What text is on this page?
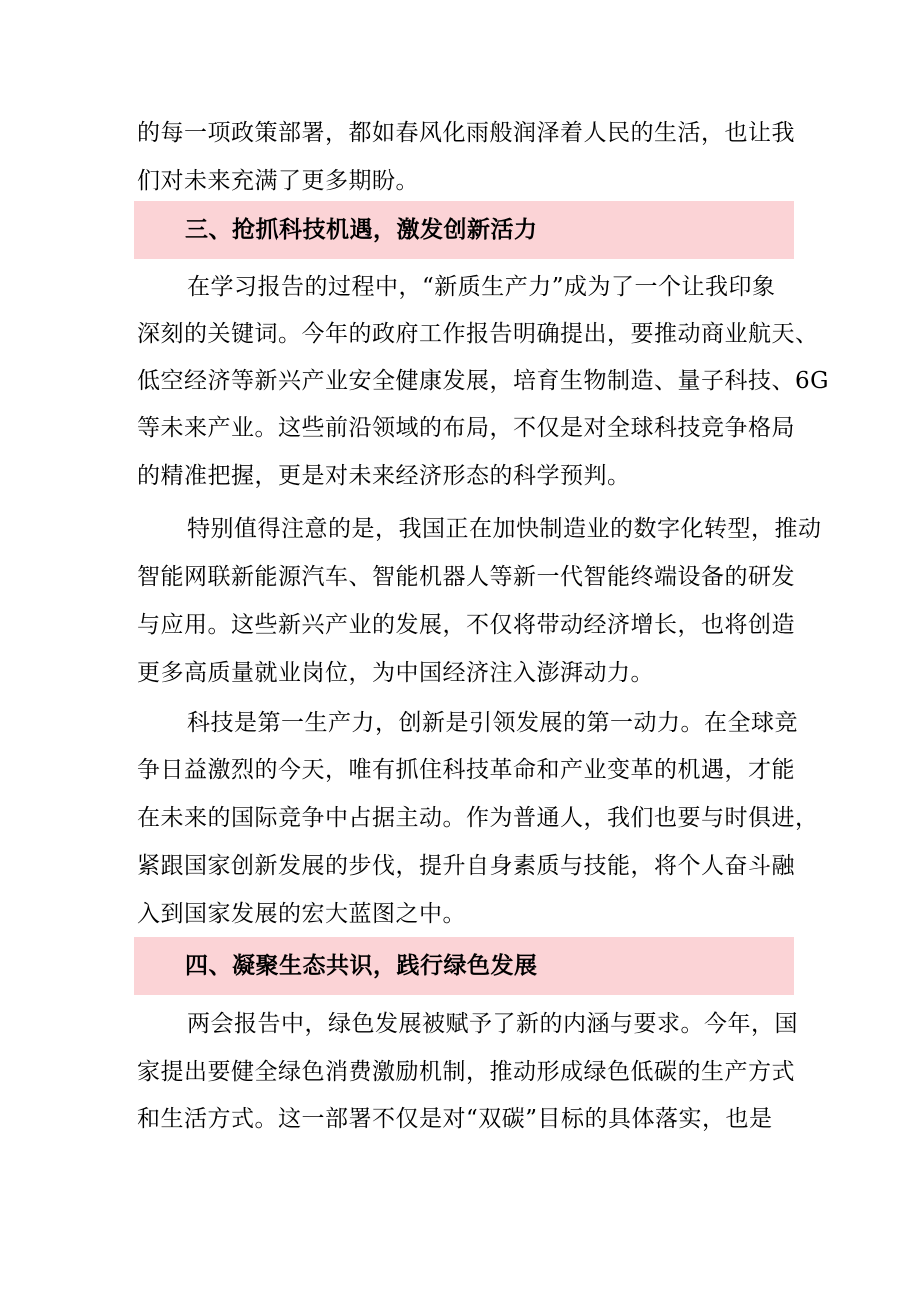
的每一项政策部署，都如春风化雨般润泽着人民的生活，也让我
们对未来充满了更多期盼。
三、抢抓科技机遇，激发创新活力
在学习报告的过程中，“新质生产力”成为了一个让我印象
深刻的关键词。今年的政府工作报告明确提出，要推动商业航天、
低空经济等新兴产业安全健康发展，培育生物制造、量子科技、6G
等未来产业。这些前沿领域的布局，不仅是对全球科技竞争格局
的精准把握，更是对未来经济形态的科学预判。
特别值得注意的是，我国正在加快制造业的数字化转型，推动
智能网联新能源汽车、智能机器人等新一代智能终端设备的研发
与应用。这些新兴产业的发展，不仅将带动经济增长，也将创造
更多高质量就业岗位，为中国经济注入澎湃动力。
科技是第一生产力，创新是引领发展的第一动力。在全球竞
争日益激烈的今天，唯有抓住科技革命和产业变革的机遇，才能
在未来的国际竞争中占据主动。作为普通人，我们也要与时俱进，
紧跟国家创新发展的步伐，提升自身素质与技能，将个人奋斗融
入到国家发展的宏大蓝图之中。
四、凝聚生态共识，践行绿色发展
两会报告中，绿色发展被赋予了新的内涵与要求。今年，国
家提出要健全绿色消费激励机制，推动形成绿色低碳的生产方式
和生活方式。这一部署不仅是对“双碳”目标的具体落实，也是
